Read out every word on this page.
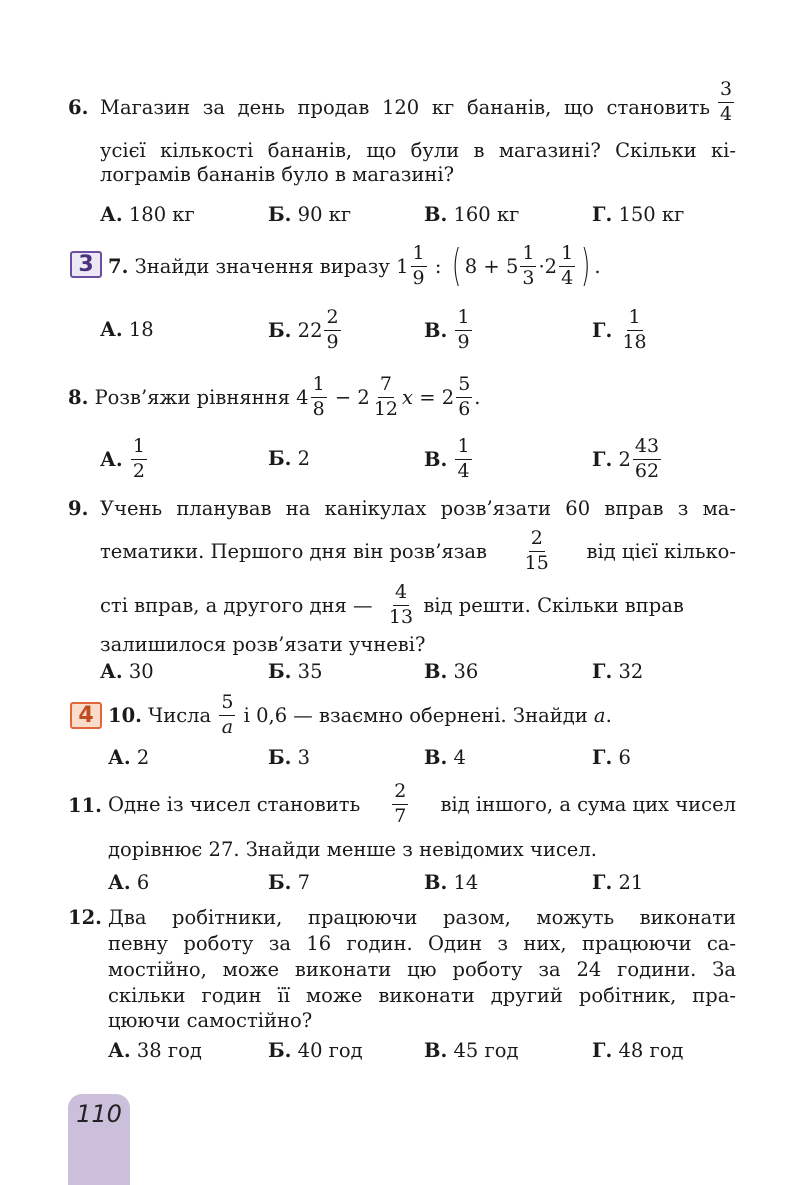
6. Магазин за день продав 120 кг бананів, що становить $\frac{3}{4}$
усієї кількості бананів, що були в магазині? Скільки кі-
лограмів бананів було в магазині?
А. 180 кг	Б. 90 кг	В. 160 кг	Г. 150 кг
3 7.
Знайди значення виразу
$1 \frac{1}{9}$
:
( $8 + 5 \frac{1}{3} \cdot 2 \frac{1}{4}$ ) .
А. 18	Б.
$22 \frac{2}{9}$	В.
$\frac{1}{9}$	Г.
$\frac{1}{18}$
8.
Розв’яжи рівняння
$4 \frac{1}{8}$
− $2 \frac{7}{12}$ x
= $2 \frac{5}{6}$ .
А.
$\frac{1}{2}$	Б. 2	В.
$\frac{1}{4}$	Г.
$2 \frac{43}{62}$
9. Учень планував на канікулах розв’язати 60 вправ з ма-
тематики. Першого дня він розв’язав $\frac{2}{15}$ від цієї кілько-
сті вправ, а другого дня —
$\frac{4}{13}$
від решти. Скільки вправ
залишилося розв’язати учневі?
А. 30	Б. 35	В. 36	Г. 32
4 10.
Числа
$\frac{5}{a}$
і 0,6 — взаємно обернені. Знайди
a .
А. 2	Б. 3	В. 4	Г. 6
11. Одне із чисел становить $\frac{2}{7}$ від іншого, а сума цих чисел
дорівнює 27. Знайди менше з невідомих чисел.
А. 6	Б. 7	В. 14	Г. 21
12. Два робітники, працюючи разом, можуть виконати
певну роботу за 16 годин. Один з них, працюючи са-
мостійно, може виконати цю роботу за 24 години. За
скільки годин її може виконати другий робітник, пра-
цюючи самостійно?
А. 38 год	Б. 40 год	В. 45 год	Г. 48 год
110
